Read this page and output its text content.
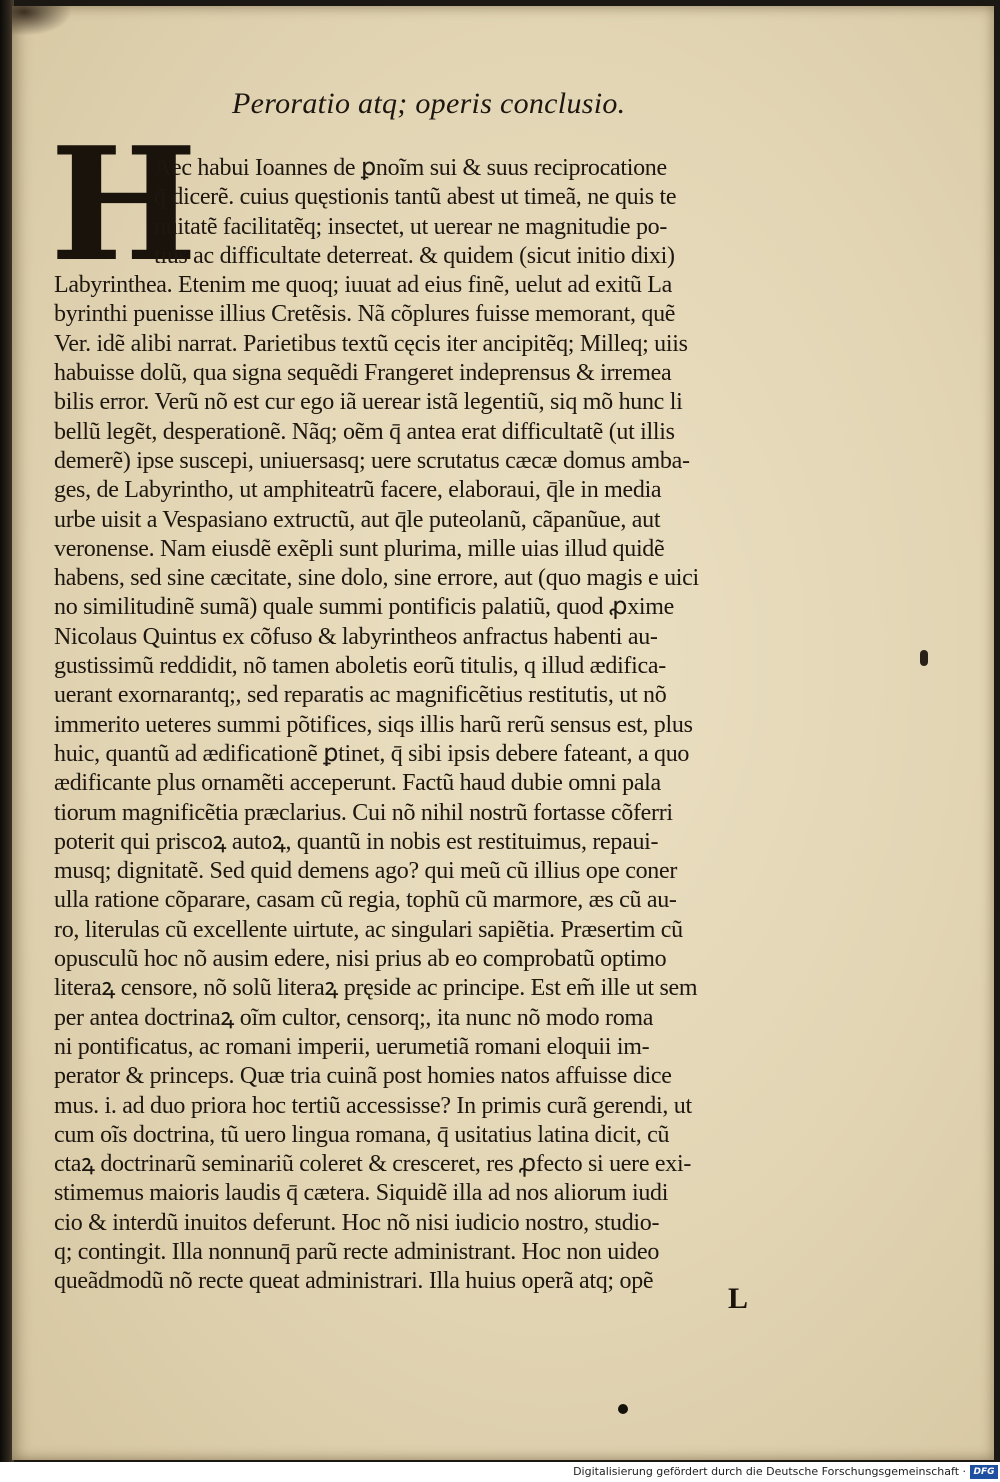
Peroratio atq; operis conclusio.
H
Aec habui Ioannes de ꝑnoĩm sui & suus reciprocatione
q̄ dicerẽ. cuius quęstionis tantũ abest ut timeã, ne quis te
nuitatẽ facilitatẽq; insectet, ut uerear ne magnitudie po-
tius ac difficultate deterreat. & quidem (sicut initio dixi)
Labyrinthea. Etenim me quoq; iuuat ad eius finẽ, uelut ad exitũ La
byrinthi puenisse illius Cretẽsis. Nã cõplures fuisse memorant, quẽ
Ver. idẽ alibi narrat. Parietibus textũ cęcis iter ancipitẽq; Milleq; uiis
habuisse dolũ, qua signa sequẽdi Frangeret indeprensus & irremea
bilis error. Verũ nõ est cur ego iã uerear istã legentiũ, siq mõ hunc li
bellũ legẽt, desperationẽ. Nãq; oẽm q̄ antea erat difficultatẽ (ut illis
demerẽ) ipse suscepi, uniuersasq; uere scrutatus cæcæ domus amba-
ges, de Labyrintho, ut amphiteatrũ facere, elaboraui, q̄le in media
urbe uisit a Vespasiano extructũ, aut q̄le puteolanũ, cãpanũue, aut
veronense. Nam eiusdẽ exẽpli sunt plurima, mille uias illud quidẽ
habens, sed sine cæcitate, sine dolo, sine errore, aut (quo magis e uici
no similitudinẽ sumã) quale summi pontificis palatiũ, quod ꝓxime
Nicolaus Quintus ex cõfuso & labyrintheos anfractus habenti au-
gustissimũ reddidit, nõ tamen aboletis eorũ titulis, q illud ædifica-
uerant exornarantq;, sed reparatis ac magnificẽtius restitutis, ut nõ
immerito ueteres summi põtifices, siqs illis harũ rerũ sensus est, plus
huic, quantũ ad ædificationẽ ꝑtinet, q̄ sibi ipsis debere fateant, a quo
ædificante plus ornamẽti acceperunt. Factũ haud dubie omni pala
tiorum magnificẽtia præclarius. Cui nõ nihil nostrũ fortasse cõferri
poterit qui priscoꝝ autoꝝ, quantũ in nobis est restituimus, repaui-
musq; dignitatẽ. Sed quid demens ago? qui meũ cũ illius ope coner
ulla ratione cõparare, casam cũ regia, tophũ cũ marmore, æs cũ au-
ro, literulas cũ excellente uirtute, ac singulari sapiẽtia. Præsertim cũ
opusculũ hoc nõ ausim edere, nisi prius ab eo comprobatũ optimo
literaꝝ censore, nõ solũ literaꝝ pręside ac principe. Est em̃ ille ut sem
per antea doctrinaꝝ oĩm cultor, censorq;, ita nunc nõ modo roma
ni pontificatus, ac romani imperii, uerumetiã romani eloquii im-
perator & princeps. Quæ tria cuinã post homies natos affuisse dice
mus. i. ad duo priora hoc tertiũ accessisse? In primis curã gerendi, ut
cum oĩs doctrina, tũ uero lingua romana, q̄ usitatius latina dicit, cũ
ctaꝝ doctrinarũ seminariũ coleret & cresceret, res ꝓfecto si uere exi-
stimemus maioris laudis q̄ cætera. Siquidẽ illa ad nos aliorum iudi
cio & interdũ inuitos deferunt. Hoc nõ nisi iudicio nostro, studio-
q; contingit. Illa nonnunq̄ parũ recte administrant. Hoc non uideo
queãdmodũ nõ recte queat administrari. Illa huius operã atq; opẽ
L
Digitalisierung gefördert durch die Deutsche Forschungsgemeinschaft · DFG
